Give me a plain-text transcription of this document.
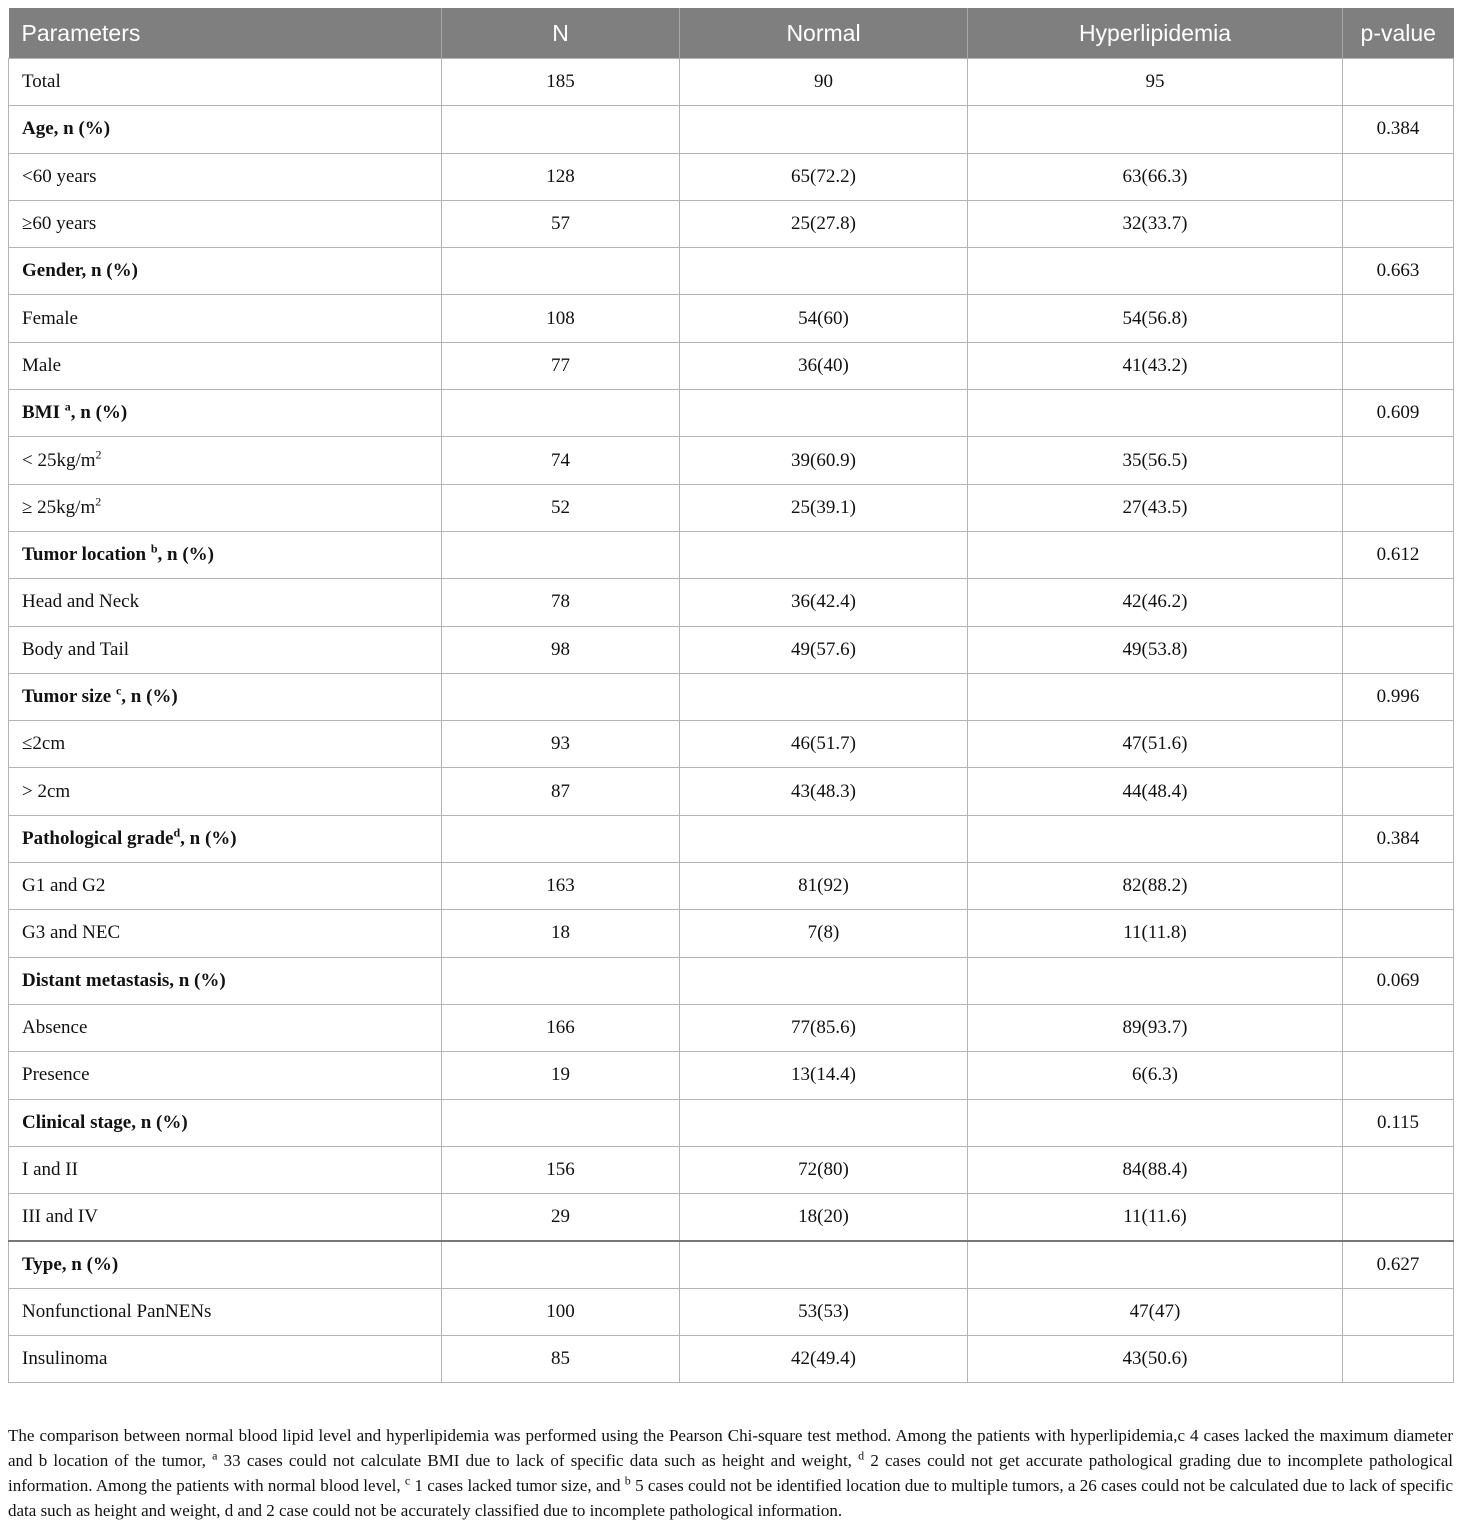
Parameters	N	Normal	Hyperlipidemia	p-value
Total	185	90	95	
Age, n (%)				0.384
<60 years	128	65(72.2)	63(66.3)	
≥60 years	57	25(27.8)	32(33.7)	
Gender, n (%)				0.663
Female	108	54(60)	54(56.8)	
Male	77	36(40)	41(43.2)	
BMI $^a$, n (%)				0.609
< $25kg/m^2$	74	39(60.9)	35(56.5)	
≥ $25kg/m^2$	52	25(39.1)	27(43.5)	
Tumor location $^b$, n (%)				0.612
Head and Neck	78	36(42.4)	42(46.2)	
Body and Tail	98	49(57.6)	49(53.8)	
Tumor size $^c$, n (%)				0.996
≤2cm	93	46(51.7)	47(51.6)	
> 2cm	87	43(48.3)	44(48.4)	
Pathological grade$^d$, n (%)				0.384
G1 and G2	163	81(92)	82(88.2)	
G3 and NEC	18	7(8)	11(11.8)	
Distant metastasis, n (%)				0.069
Absence	166	77(85.6)	89(93.7)	
Presence	19	13(14.4)	6(6.3)	
Clinical stage, n (%)				0.115
I and II	156	72(80)	84(88.4)	
III and IV	29	18(20)	11(11.6)	
Type, n (%)				0.627
Nonfunctional PanNENs	100	53(53)	47(47)	
Insulinoma	85	42(49.4)	43(50.6)	
The comparison between normal blood lipid level and hyperlipidemia was performed using the Pearson Chi-square test method. Among the patients with hyperlipidemia,c 4 cases lacked the maximum diameter and b location of the tumor, $^a$ 33 cases could not calculate BMI due to lack of specific data such as height and weight, $^d$ 2 cases could not get accurate pathological grading due to incomplete pathological information. Among the patients with normal blood level, $^c$ 1 cases lacked tumor size, and $^b$ 5 cases could not be identified location due to multiple tumors, a 26 cases could not be calculated due to lack of specific data such as height and weight, d and 2 case could not be accurately classified due to incomplete pathological information.
